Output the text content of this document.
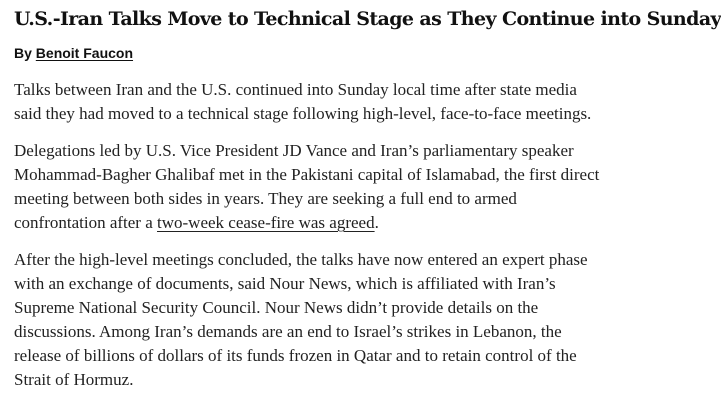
U.S.-Iran Talks Move to Technical Stage as They Continue into Sunday
By Benoit Faucon

Talks between Iran and the U.S. continued into Sunday local time after state media
said they had moved to a technical stage following high-level, face-to-face meetings.

Delegations led by U.S. Vice President JD Vance and Iran’s parliamentary speaker
Mohammad-Bagher Ghalibaf met in the Pakistani capital of Islamabad, the first direct
meeting between both sides in years. They are seeking a full end to armed
confrontation after a two-week cease-fire was agreed.

After the high-level meetings concluded, the talks have now entered an expert phase
with an exchange of documents, said Nour News, which is affiliated with Iran’s
Supreme National Security Council. Nour News didn’t provide details on the
discussions. Among Iran’s demands are an end to Israel’s strikes in Lebanon, the
release of billions of dollars of its funds frozen in Qatar and to retain control of the
Strait of Hormuz.
